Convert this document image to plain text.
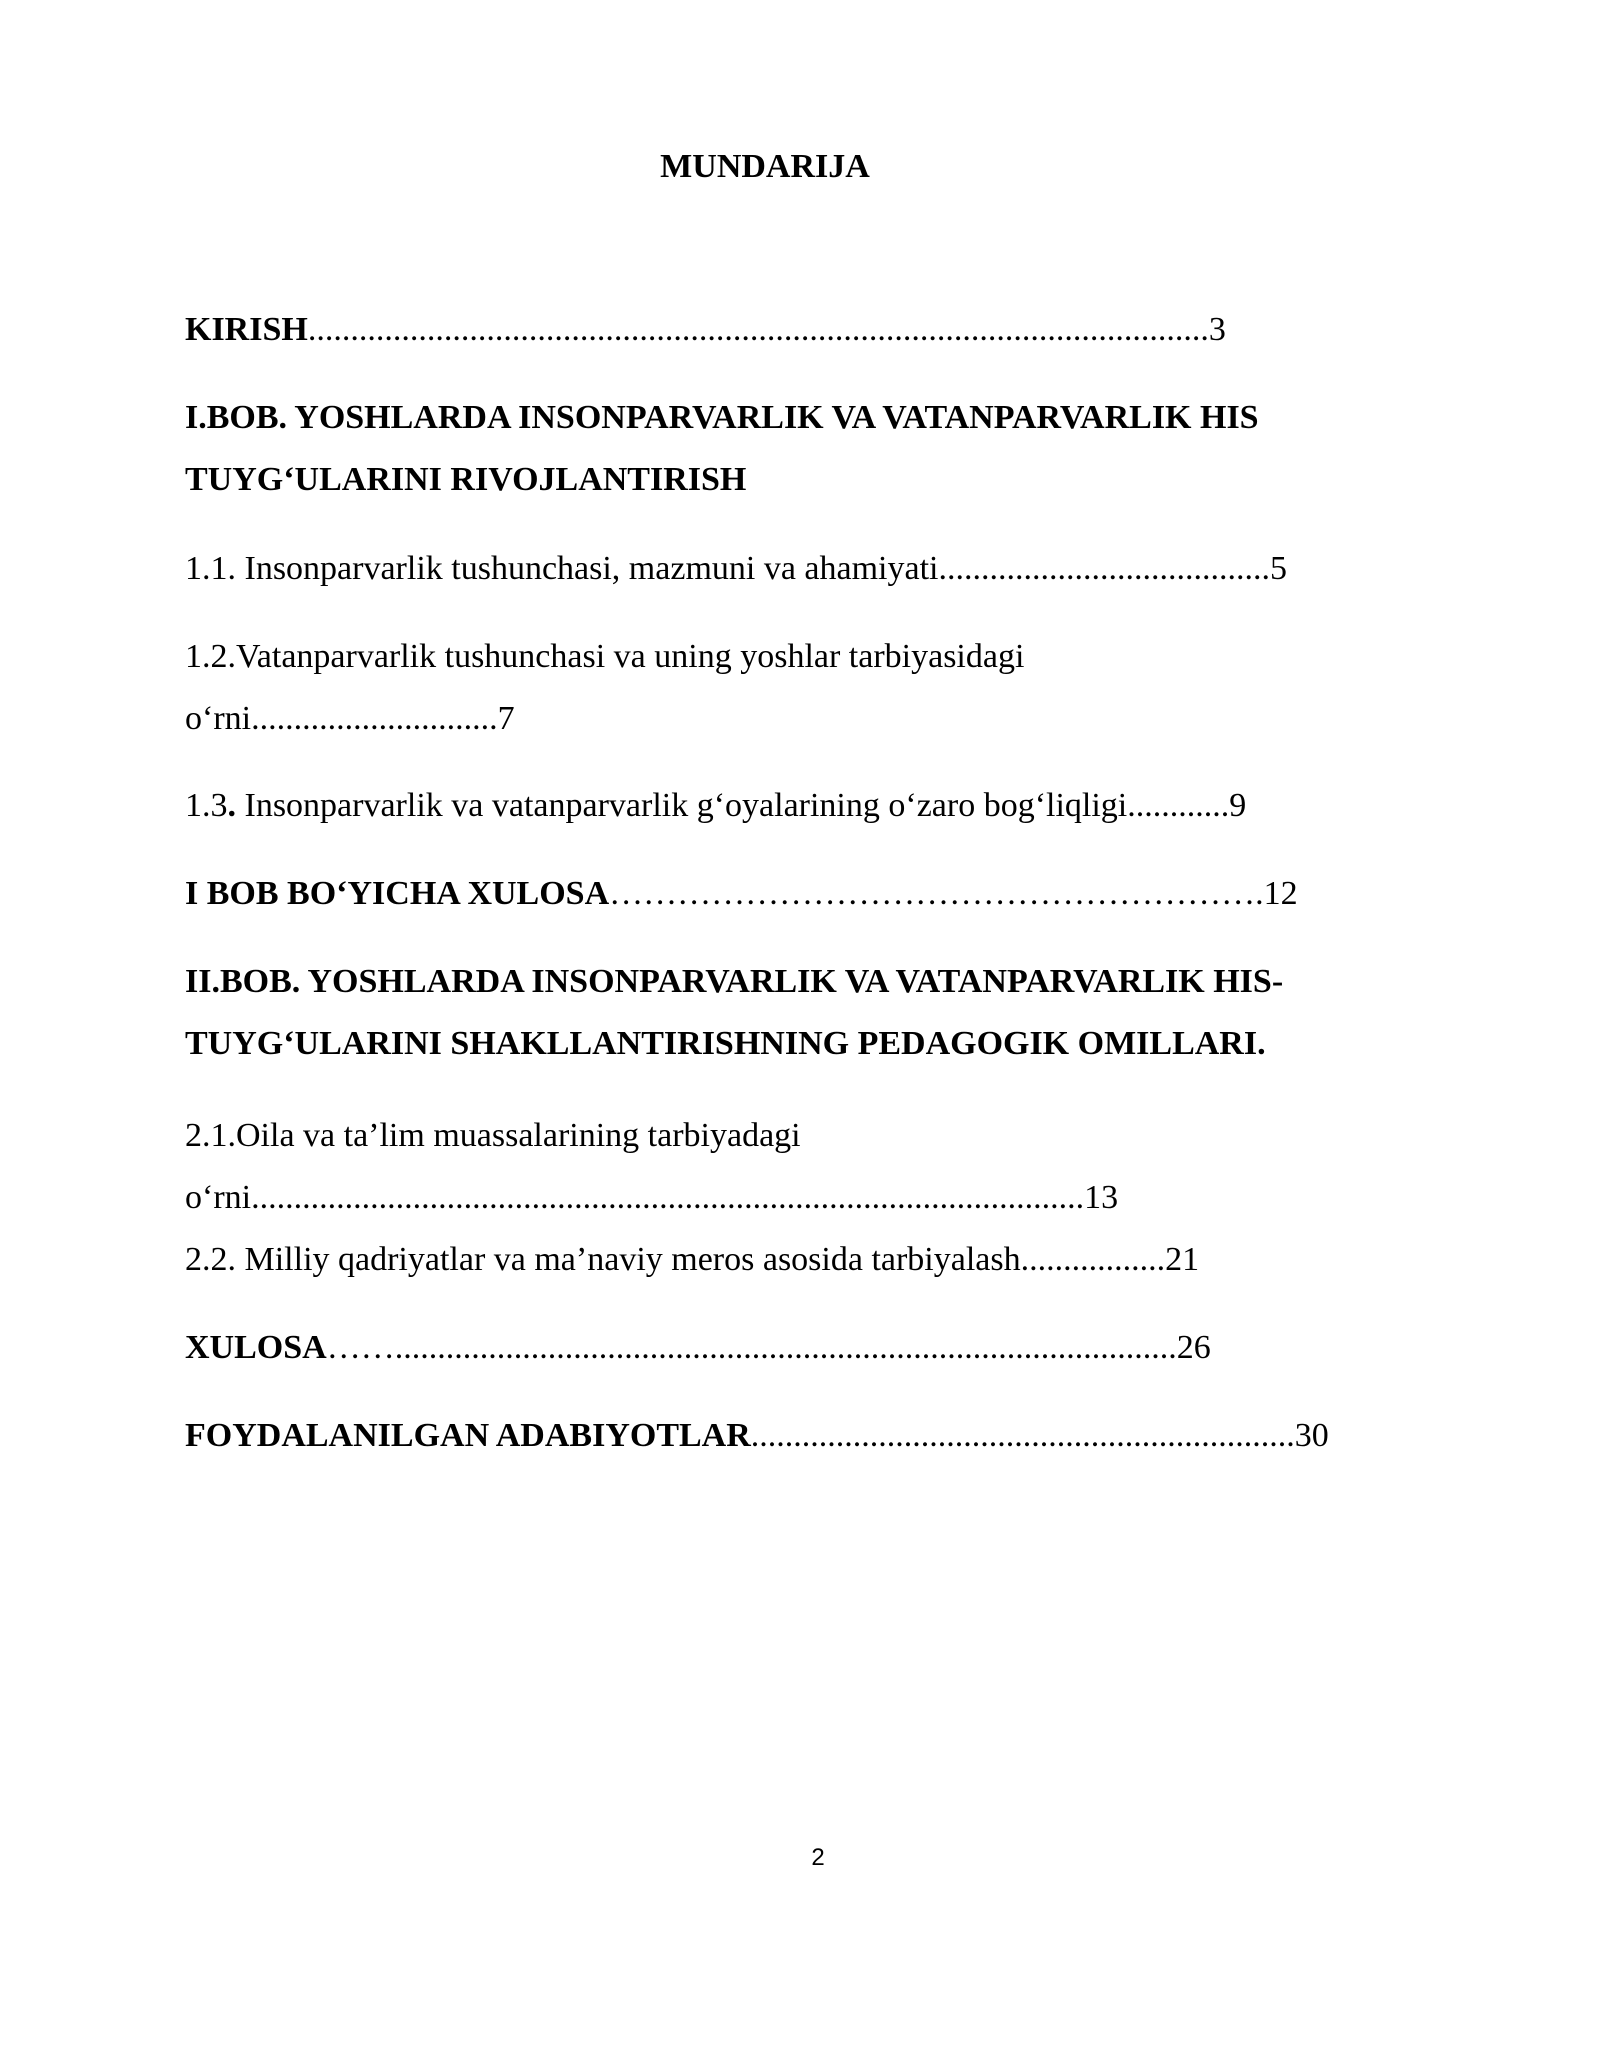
MUNDARIJA
KIRISH..........................................................................................................3
I.BOB. YOSHLARDA INSONPARVARLIK VA VATANPARVARLIK HIS
TUYG‘ULARINI RIVOJLANTIRISH
1.1. Insonparvarlik tushunchasi, mazmuni va ahamiyati.......................................5
1.2.Vatanparvarlik tushunchasi va uning yoshlar tarbiyasidagi
o‘rni.............................7
1.3. Insonparvarlik va vatanparvarlik g‘oyalarining o‘zaro bog‘liqligi............9
I BOB BO‘YICHA XULOSA………………………………………………….12
II.BOB. YOSHLARDA INSONPARVARLIK VA VATANPARVARLIK HIS-
TUYG‘ULARINI SHAKLLANTIRISHNING PEDAGOGIK OMILLARI.
2.1.Oila va ta’lim muassalarining tarbiyadagi
o‘rni..................................................................................................13
2.2. Milliy qadriyatlar va ma’naviy meros asosida tarbiyalash.................21
XULOSA……............................................................................................26
FOYDALANILGAN ADABIYOTLAR................................................................30
2
